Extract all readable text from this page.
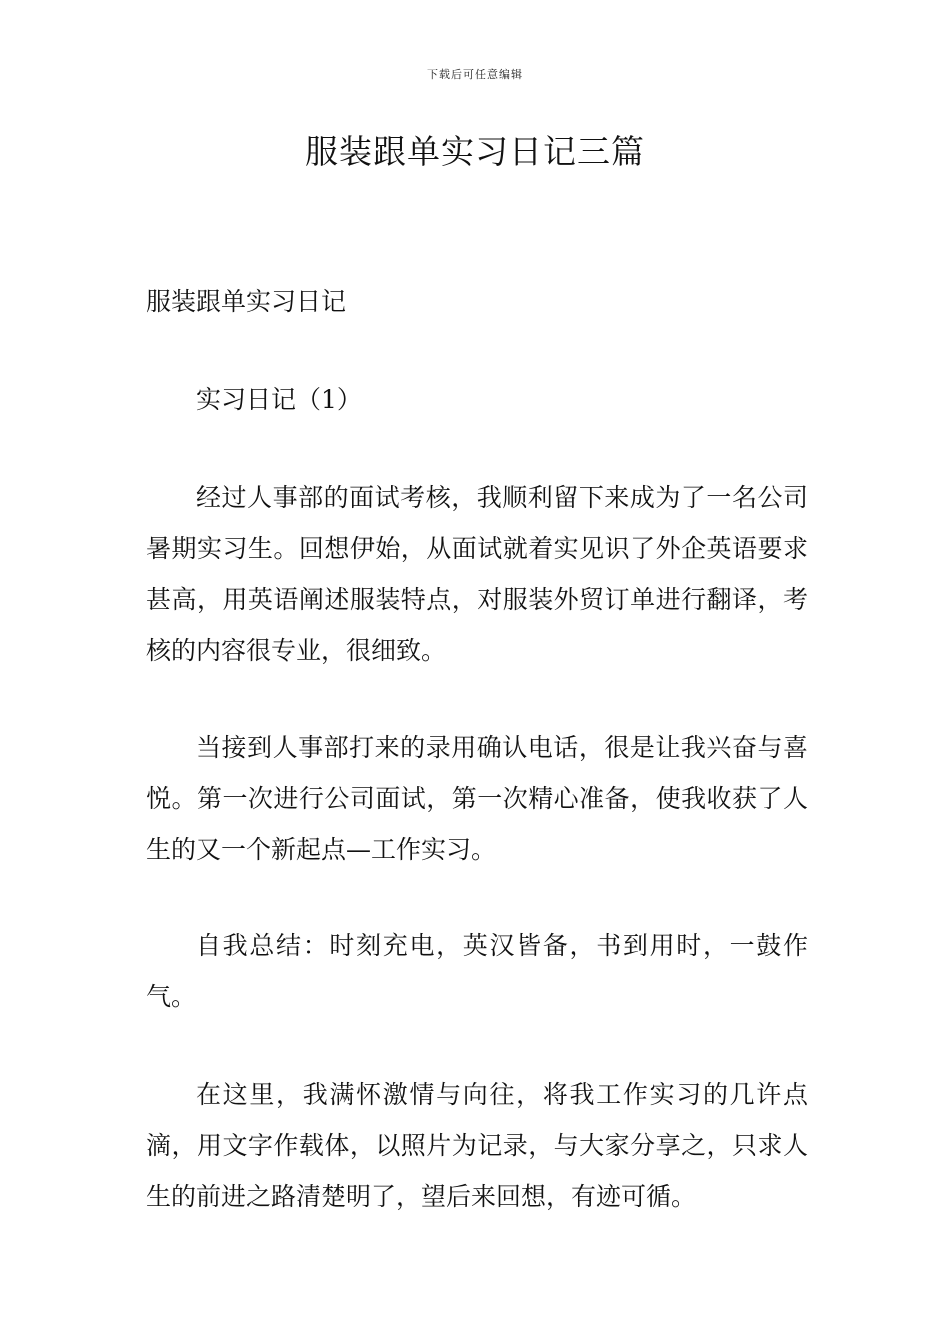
下载后可任意编辑
服装跟单实习日记三篇

服装跟单实习日记

实习日记（1）

经过人事部的面试考核，我顺利留下来成为了一名公司暑期实习生。回想伊始，从面试就着实见识了外企英语要求甚高，用英语阐述服装特点，对服装外贸订单进行翻译，考核的内容很专业，很细致。

当接到人事部打来的录用确认电话，很是让我兴奋与喜悦。第一次进行公司面试，第一次精心准备，使我收获了人生的又一个新起点—工作实习。

自我总结：时刻充电，英汉皆备，书到用时，一鼓作气。

在这里，我满怀激情与向往，将我工作实习的几许点滴，用文字作载体，以照片为记录，与大家分享之，只求人生的前进之路清楚明了，望后来回想，有迹可循。
